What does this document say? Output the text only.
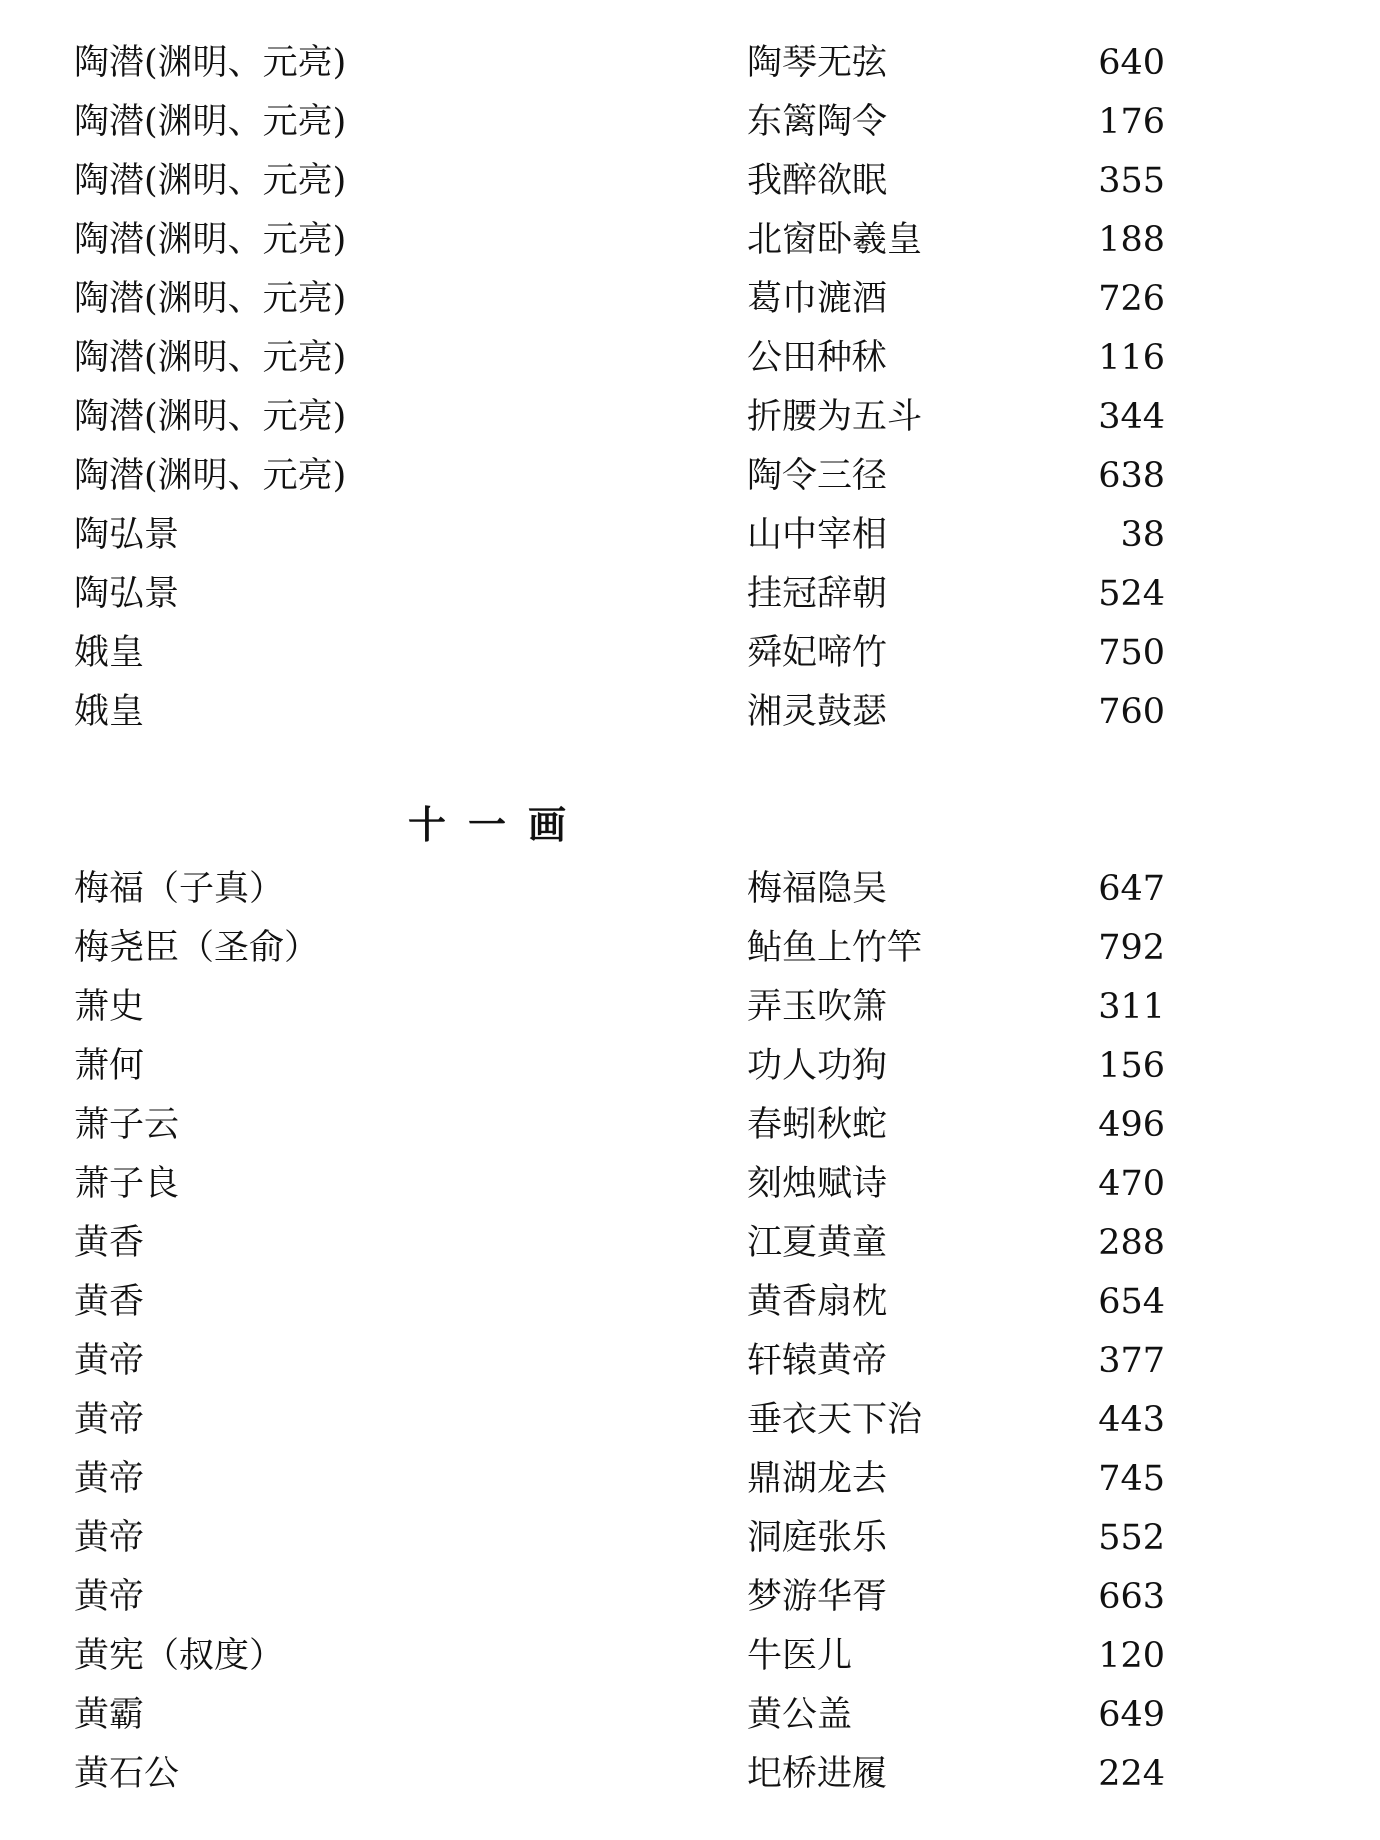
陶潜(渊明、元亮)	陶琴无弦	640
陶潜(渊明、元亮)	东篱陶令	176
陶潜(渊明、元亮)	我醉欲眠	355
陶潜(渊明、元亮)	北窗卧羲皇	188
陶潜(渊明、元亮)	葛巾漉酒	726
陶潜(渊明、元亮)	公田种秫	116
陶潜(渊明、元亮)	折腰为五斗	344
陶潜(渊明、元亮)	陶令三径	638
陶弘景	山中宰相	38
陶弘景	挂冠辞朝	524
娥皇	舜妃啼竹	750
娥皇	湘灵鼓瑟	760
十一画
梅福（子真）	梅福隐吴	647
梅尧臣（圣俞）	鲇鱼上竹竿	792
萧史	弄玉吹箫	311
萧何	功人功狗	156
萧子云	春蚓秋蛇	496
萧子良	刻烛赋诗	470
黄香	江夏黄童	288
黄香	黄香扇枕	654
黄帝	轩辕黄帝	377
黄帝	垂衣天下治	443
黄帝	鼎湖龙去	745
黄帝	洞庭张乐	552
黄帝	梦游华胥	663
黄宪（叔度）	牛医儿	120
黄霸	黄公盖	649
黄石公	圯桥进履	224
